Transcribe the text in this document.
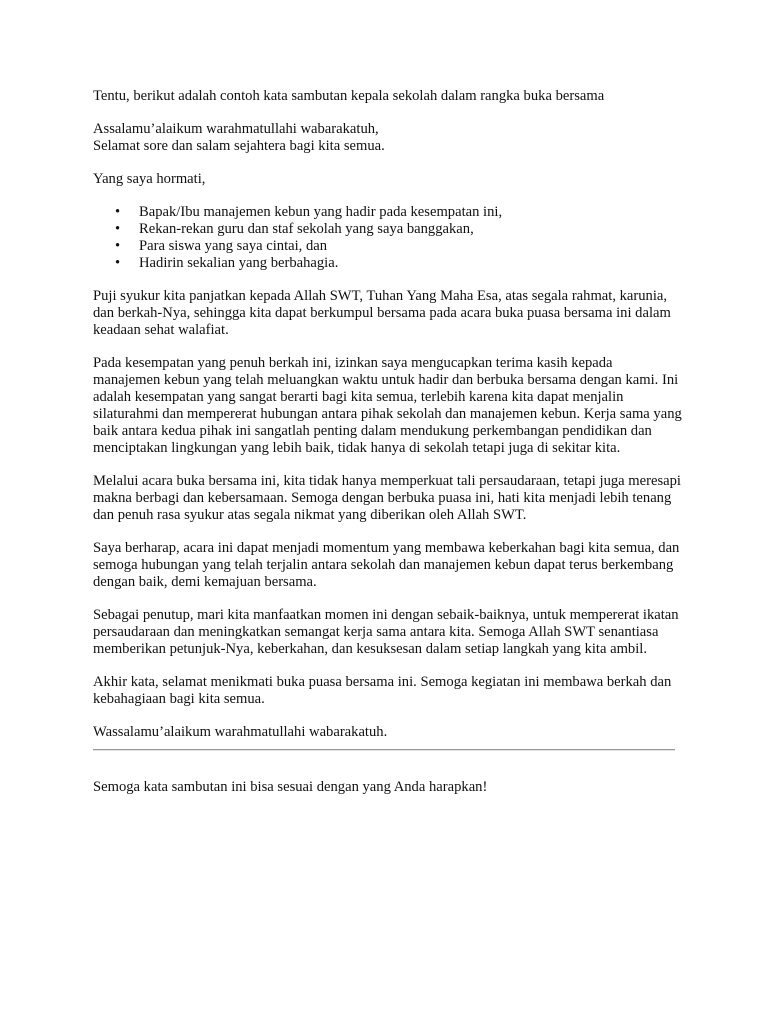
Tentu, berikut adalah contoh kata sambutan kepala sekolah dalam rangka buka bersama

Assalamu’alaikum warahmatullahi wabarakatuh,
Selamat sore dan salam sejahtera bagi kita semua.

Yang saya hormati,

• Bapak/Ibu manajemen kebun yang hadir pada kesempatan ini,
• Rekan-rekan guru dan staf sekolah yang saya banggakan,
• Para siswa yang saya cintai, dan
• Hadirin sekalian yang berbahagia.

Puji syukur kita panjatkan kepada Allah SWT, Tuhan Yang Maha Esa, atas segala rahmat, karunia, dan berkah-Nya, sehingga kita dapat berkumpul bersama pada acara buka puasa bersama ini dalam keadaan sehat walafiat.

Pada kesempatan yang penuh berkah ini, izinkan saya mengucapkan terima kasih kepada manajemen kebun yang telah meluangkan waktu untuk hadir dan berbuka bersama dengan kami. Ini adalah kesempatan yang sangat berarti bagi kita semua, terlebih karena kita dapat menjalin silaturahmi dan mempererat hubungan antara pihak sekolah dan manajemen kebun. Kerja sama yang baik antara kedua pihak ini sangatlah penting dalam mendukung perkembangan pendidikan dan menciptakan lingkungan yang lebih baik, tidak hanya di sekolah tetapi juga di sekitar kita.

Melalui acara buka bersama ini, kita tidak hanya memperkuat tali persaudaraan, tetapi juga meresapi makna berbagi dan kebersamaan. Semoga dengan berbuka puasa ini, hati kita menjadi lebih tenang dan penuh rasa syukur atas segala nikmat yang diberikan oleh Allah SWT.

Saya berharap, acara ini dapat menjadi momentum yang membawa keberkahan bagi kita semua, dan semoga hubungan yang telah terjalin antara sekolah dan manajemen kebun dapat terus berkembang dengan baik, demi kemajuan bersama.

Sebagai penutup, mari kita manfaatkan momen ini dengan sebaik-baiknya, untuk mempererat ikatan persaudaraan dan meningkatkan semangat kerja sama antara kita. Semoga Allah SWT senantiasa memberikan petunjuk-Nya, keberkahan, dan kesuksesan dalam setiap langkah yang kita ambil.

Akhir kata, selamat menikmati buka puasa bersama ini. Semoga kegiatan ini membawa berkah dan kebahagiaan bagi kita semua.

Wassalamu’alaikum warahmatullahi wabarakatuh.

Semoga kata sambutan ini bisa sesuai dengan yang Anda harapkan!
